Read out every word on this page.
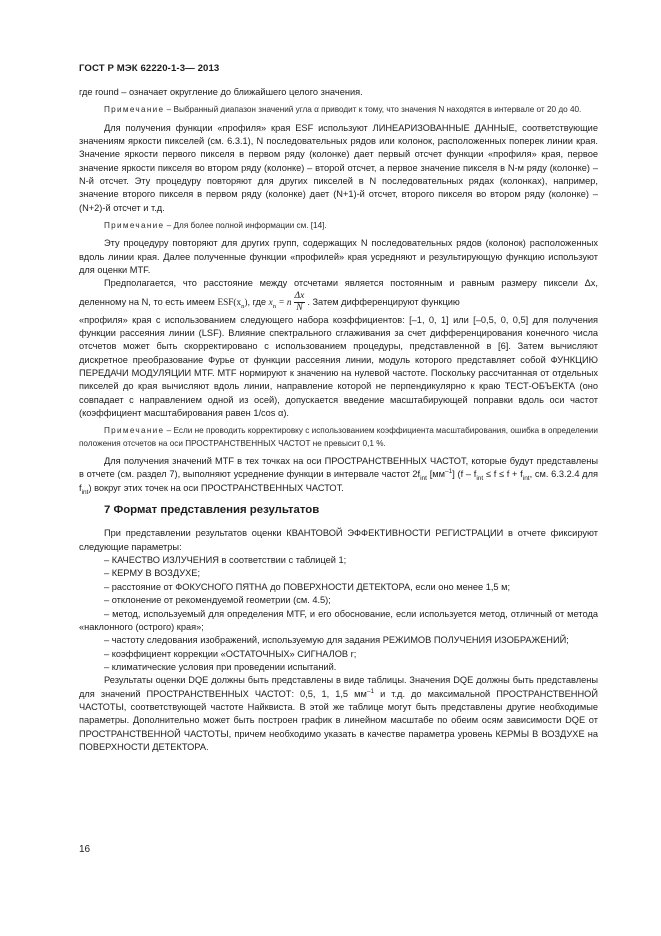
ГОСТ Р МЭК 62220-1-3— 2013

где round – означает округление до ближайшего целого значения.

Примечание – Выбранный диапазон значений угла α приводит к тому, что значения N находятся в интервале от 20 до 40.

Для получения функции «профиля» края ESF используют ЛИНЕАРИЗОВАННЫЕ ДАННЫЕ, соответствующие значениям яркости пикселей (см. 6.3.1), N последовательных рядов или колонок, расположенных поперек линии края. Значение яркости первого пикселя в первом ряду (колонке) дает первый отсчет функции «профиля» края, первое значение яркости пикселя во втором ряду (колонке) – второй отсчет, а первое значение пикселя в N-м ряду (колонке) – N-й отсчет. Эту процедуру повторяют для других пикселей в N последовательных рядах (колонках), например, значение второго пикселя в первом ряду (колонке) дает (N+1)-й отсчет, второго пикселя во втором ряду (колонке) – (N+2)-й отсчет и т.д.

Примечание – Для более полной информации см. [14].

Эту процедуру повторяют для других групп, содержащих N последовательных рядов (колонок) расположенных вдоль линии края. Далее полученные функции «профилей» края усредняют и результирующую функцию используют для оценки MTF.

Предполагается, что расстояние между отсчетами является постоянным и равным размеру пиксели Δx, деленному на N, то есть имеем $ESF(x_n)$, где $x_n = n \frac{\Delta x}{N}$ . Затем дифференцируют функцию

«профиля» края с использованием следующего набора коэффициентов: [–1, 0, 1] или [–0,5, 0, 0,5] для получения функции рассеяния линии (LSF). Влияние спектрального сглаживания за счет дифференцирования конечного числа отсчетов может быть скорректировано с использованием процедуры, представленной в [6]. Затем вычисляют дискретное преобразование Фурье от функции рассеяния линии, модуль которого представляет собой ФУНКЦИЮ ПЕРЕДАЧИ МОДУЛЯЦИИ MTF. MTF нормируют к значению на нулевой частоте. Поскольку рассчитанная от отдельных пикселей до края вычисляют вдоль линии, направление которой не перпендикулярно к краю ТЕСТ-ОБЪЕКТА (оно совпадает с направлением одной из осей), допускается введение масштабирующей поправки вдоль оси частот (коэффициент масштабирования равен 1/cos α).

Примечание – Если не проводить корректировку с использованием коэффициента масштабирования, ошибка в определении положения отсчетов на оси ПРОСТРАНСТВЕННЫХ ЧАСТОТ не превысит 0,1 %.

Для получения значений MTF в тех точках на оси ПРОСТРАНСТВЕННЫХ ЧАСТОТ, которые будут представлены в отчете (см. раздел 7), выполняют усреднение функции в интервале частот $2f_{int}$ $[мм^{-1}]$ ($f - f_{int} \le f \le f + f_{int}$, см. 6.3.2.4 для $f_{int}$) вокруг этих точек на оси ПРОСТРАНСТВЕННЫХ ЧАСТОТ.

7 Формат представления результатов

При представлении результатов оценки КВАНТОВОЙ ЭФФЕКТИВНОСТИ РЕГИСТРАЦИИ в отчете фиксируют следующие параметры:

– КАЧЕСТВО ИЗЛУЧЕНИЯ в соответствии с таблицей 1;

– КЕРМУ В ВОЗДУХЕ;

– расстояние от ФОКУСНОГО ПЯТНА до ПОВЕРХНОСТИ ДЕТЕКТОРА, если оно менее 1,5 м;

– отклонение от рекомендуемой геометрии (см. 4.5);

– метод, используемый для определения MTF, и его обоснование, если используется метод, отличный от метода «наклонного (острого) края»;

– частоту следования изображений, используемую для задания РЕЖИМОВ ПОЛУЧЕНИЯ ИЗОБРАЖЕНИЙ;

– коэффициент коррекции «ОСТАТОЧНЫХ» СИГНАЛОВ r;

– климатические условия при проведении испытаний.

Результаты оценки DQE должны быть представлены в виде таблицы. Значения DQE должны быть представлены для значений ПРОСТРАНСТВЕННЫХ ЧАСТОТ: 0,5, 1, 1,5 $мм^{-1}$ и т.д. до максимальной ПРОСТРАНСТВЕННОЙ ЧАСТОТЫ, соответствующей частоте Найквиста. В этой же таблице могут быть представлены другие необходимые параметры. Дополнительно может быть построен график в линейном масштабе по обеим осям зависимости DQE от ПРОСТРАНСТВЕННОЙ ЧАСТОТЫ, причем необходимо указать в качестве параметра уровень КЕРМЫ В ВОЗДУХЕ на ПОВЕРХНОСТИ ДЕТЕКТОРА.

16
